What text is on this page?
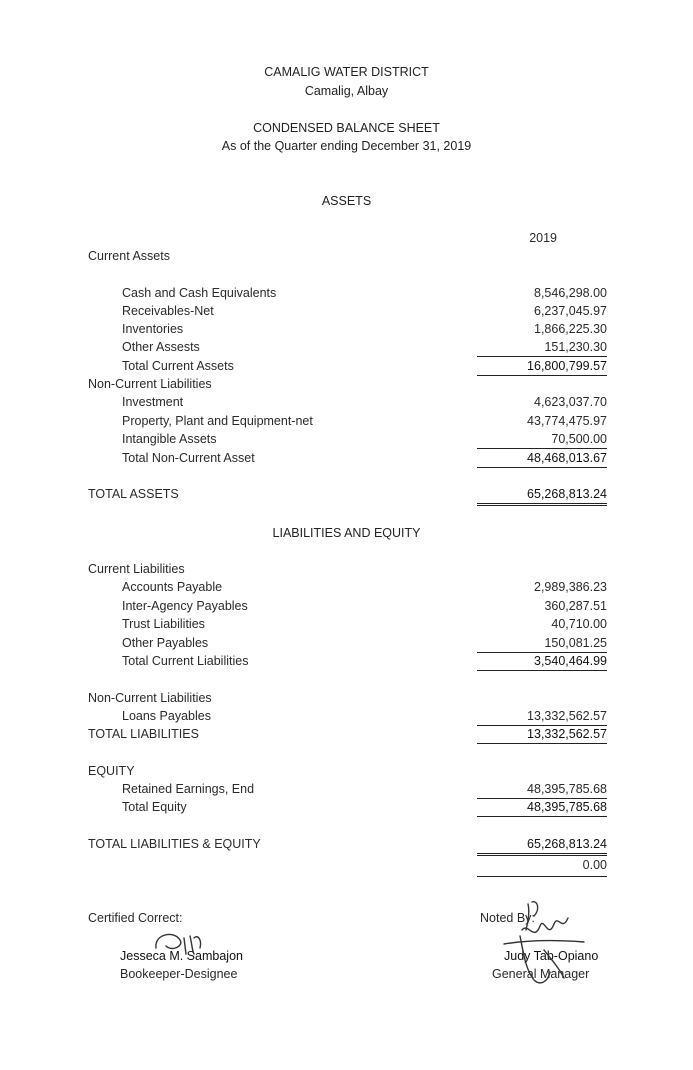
CAMALIG WATER DISTRICT
Camalig, Albay
CONDENSED BALANCE SHEET
As of the Quarter ending December 31, 2019
ASSETS
2019
Current Assets
Cash and Cash Equivalents	8,546,298.00
Receivables-Net	6,237,045.97
Inventories	1,866,225.30
Other Assests	151,230.30
Total Current Assets	16,800,799.57
Non-Current Liabilities
Investment	4,623,037.70
Property, Plant and Equipment-net	43,774,475.97
Intangible Assets	70,500.00
Total Non-Current Asset	48,468,013.67
TOTAL ASSETS	65,268,813.24
LIABILITIES AND EQUITY
Current Liabilities
Accounts Payable	2,989,386.23
Inter-Agency Payables	360,287.51
Trust Liabilities	40,710.00
Other Payables	150,081.25
Total Current Liabilities	3,540,464.99
Non-Current Liabilities
Loans Payables	13,332,562.57
TOTAL LIABILITIES	13,332,562.57
EQUITY
Retained Earnings, End	48,395,785.68
Total Equity	48,395,785.68
TOTAL LIABILITIES & EQUITY	65,268,813.24
0.00
Certified Correct:
Jesseca M. Sambajon
Bookeeper-Designee
Noted By:
Judy Tab-Opiano
General Manager
